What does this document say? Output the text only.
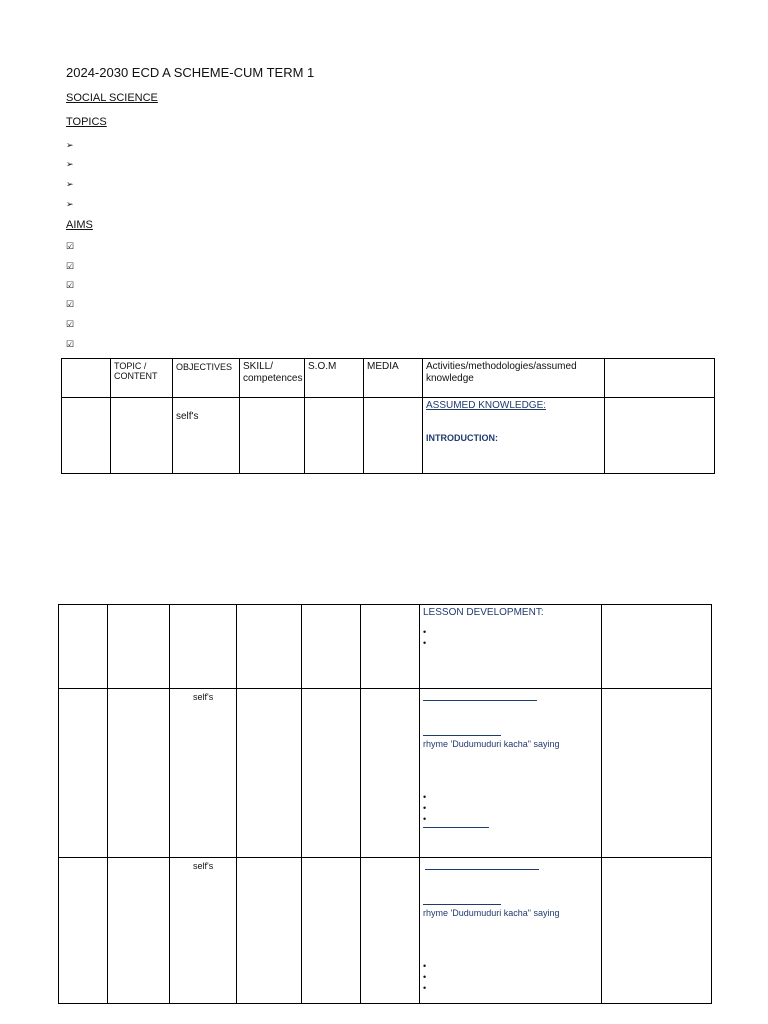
2024-2030 ECD A SCHEME-CUM TERM 1
SOCIAL SCIENCE
TOPICS
➢
➢
➢
➢
AIMS
☑
☑
☑
☑
☑
☑
	TOPIC / CONTENT	OBJECTIVES	SKILL/ competences	S.O.M	MEDIA	Activities/methodologies/assumed knowledge	

		self's				ASSUMED KNOWLEDGE:
INTRODUCTION:	

						LESSON DEVELOPMENT:
•
•	

		self's				rhyme 'Dudumuduri kacha" saying
•
•
•	

		self's				rhyme 'Dudumuduri kacha" saying
•
•
•	
